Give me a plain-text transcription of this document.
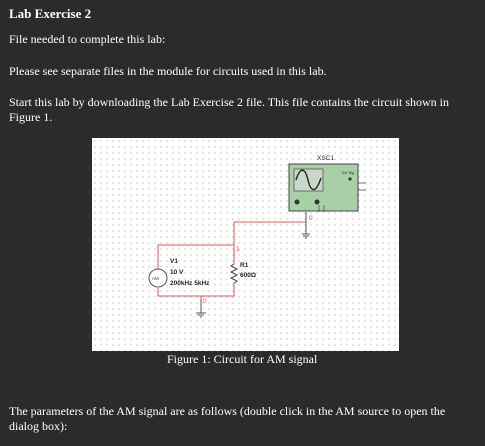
Lab Exercise 2
File needed to complete this lab:
Please see separate files in the module for circuits used in this lab.
Start this lab by downloading the Lab Exercise 2 file. This file contains the circuit shown in Figure 1.
XSC1
Ext Trig
AM
V1
10 V
200kHz 5kHz
R1
600Ω
1
0
0
Figure 1: Circuit for AM signal
The parameters of the AM signal are as follows (double click in the AM source to open the dialog box):
